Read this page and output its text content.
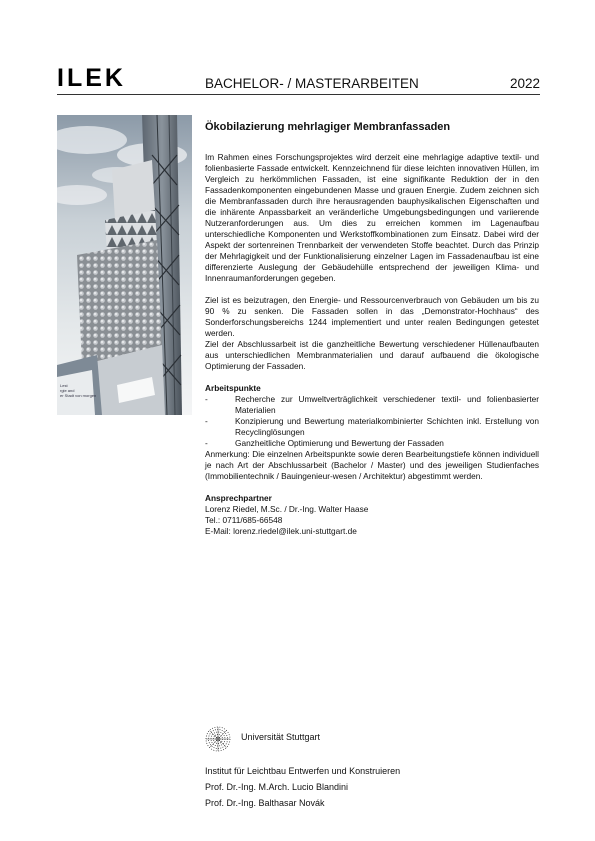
ILEK	BACHELOR- / MASTERARBEITEN	2022
Lest
rgie and
er Stadt von morgen
Ökobilazierung mehrlagiger Membranfassaden

Im Rahmen eines Forschungsprojektes wird derzeit eine mehrlagige adaptive textil- und folienbasierte Fassade entwickelt. Kennzeichnend für diese leichten innovativen Hüllen, im Vergleich zu herkömmlichen Fassaden, ist eine signifikante Reduktion der in den Fassadenkomponenten eingebundenen Masse und grauen Energie. Zudem zeichnen sich die Membranfassaden durch ihre herausragenden bauphysikalischen Eigenschaften und die inhärente Anpassbarkeit an veränderliche Umgebungsbedingungen und variierende Nutzeranforderungen aus. Um dies zu erreichen kommen im Lagenaufbau unterschiedliche Komponenten und Werkstoffkombinationen zum Einsatz. Dabei wird der Aspekt der sortenreinen Trennbarkeit der verwendeten Stoffe beachtet. Durch das Prinzip der Mehrlagigkeit und der Funktionalisierung einzelner Lagen im Fassadenaufbau ist eine differenzierte Auslegung der Gebäudehülle entsprechend der jeweiligen Klima- und Innenraumanforderungen gegeben.

Ziel ist es beizutragen, den Energie- und Ressourcenverbrauch von Gebäuden um bis zu 90 % zu senken. Die Fassaden sollen in das „Demonstrator-Hochhaus“ des Sonderforschungsbereichs 1244 implementiert und unter realen Bedingungen getestet werden.

Ziel der Abschlussarbeit ist die ganzheitliche Bewertung verschiedener Hüllenaufbauten aus unterschiedlichen Membranmaterialien und darauf aufbauend die ökologische Optimierung der Fassaden.

Arbeitspunkte

-	Recherche zur Umweltverträglichkeit verschiedener textil- und folienbasierter Materialien
-	Konzipierung und Bewertung materialkombinierter Schichten inkl. Erstellung von Recyclinglösungen
-	Ganzheitliche Optimierung und Bewertung der Fassaden

Anmerkung: Die einzelnen Arbeitspunkte sowie deren Bearbeitungstiefe können individuell je nach Art der Abschlussarbeit (Bachelor / Master) und des jeweiligen Studienfaches (Immobilientechnik / Bauingenieur-wesen / Architektur) abgestimmt werden.

Ansprechpartner

Lorenz Riedel, M.Sc. / Dr.-Ing. Walter Haase

Tel.: 0711/685-66548

E-Mail: lorenz.riedel@ilek.uni-stuttgart.de

Universität Stuttgart
Institut für Leichtbau Entwerfen und Konstruieren
Prof. Dr.-Ing. M.Arch. Lucio Blandini
Prof. Dr.-Ing. Balthasar Novák
